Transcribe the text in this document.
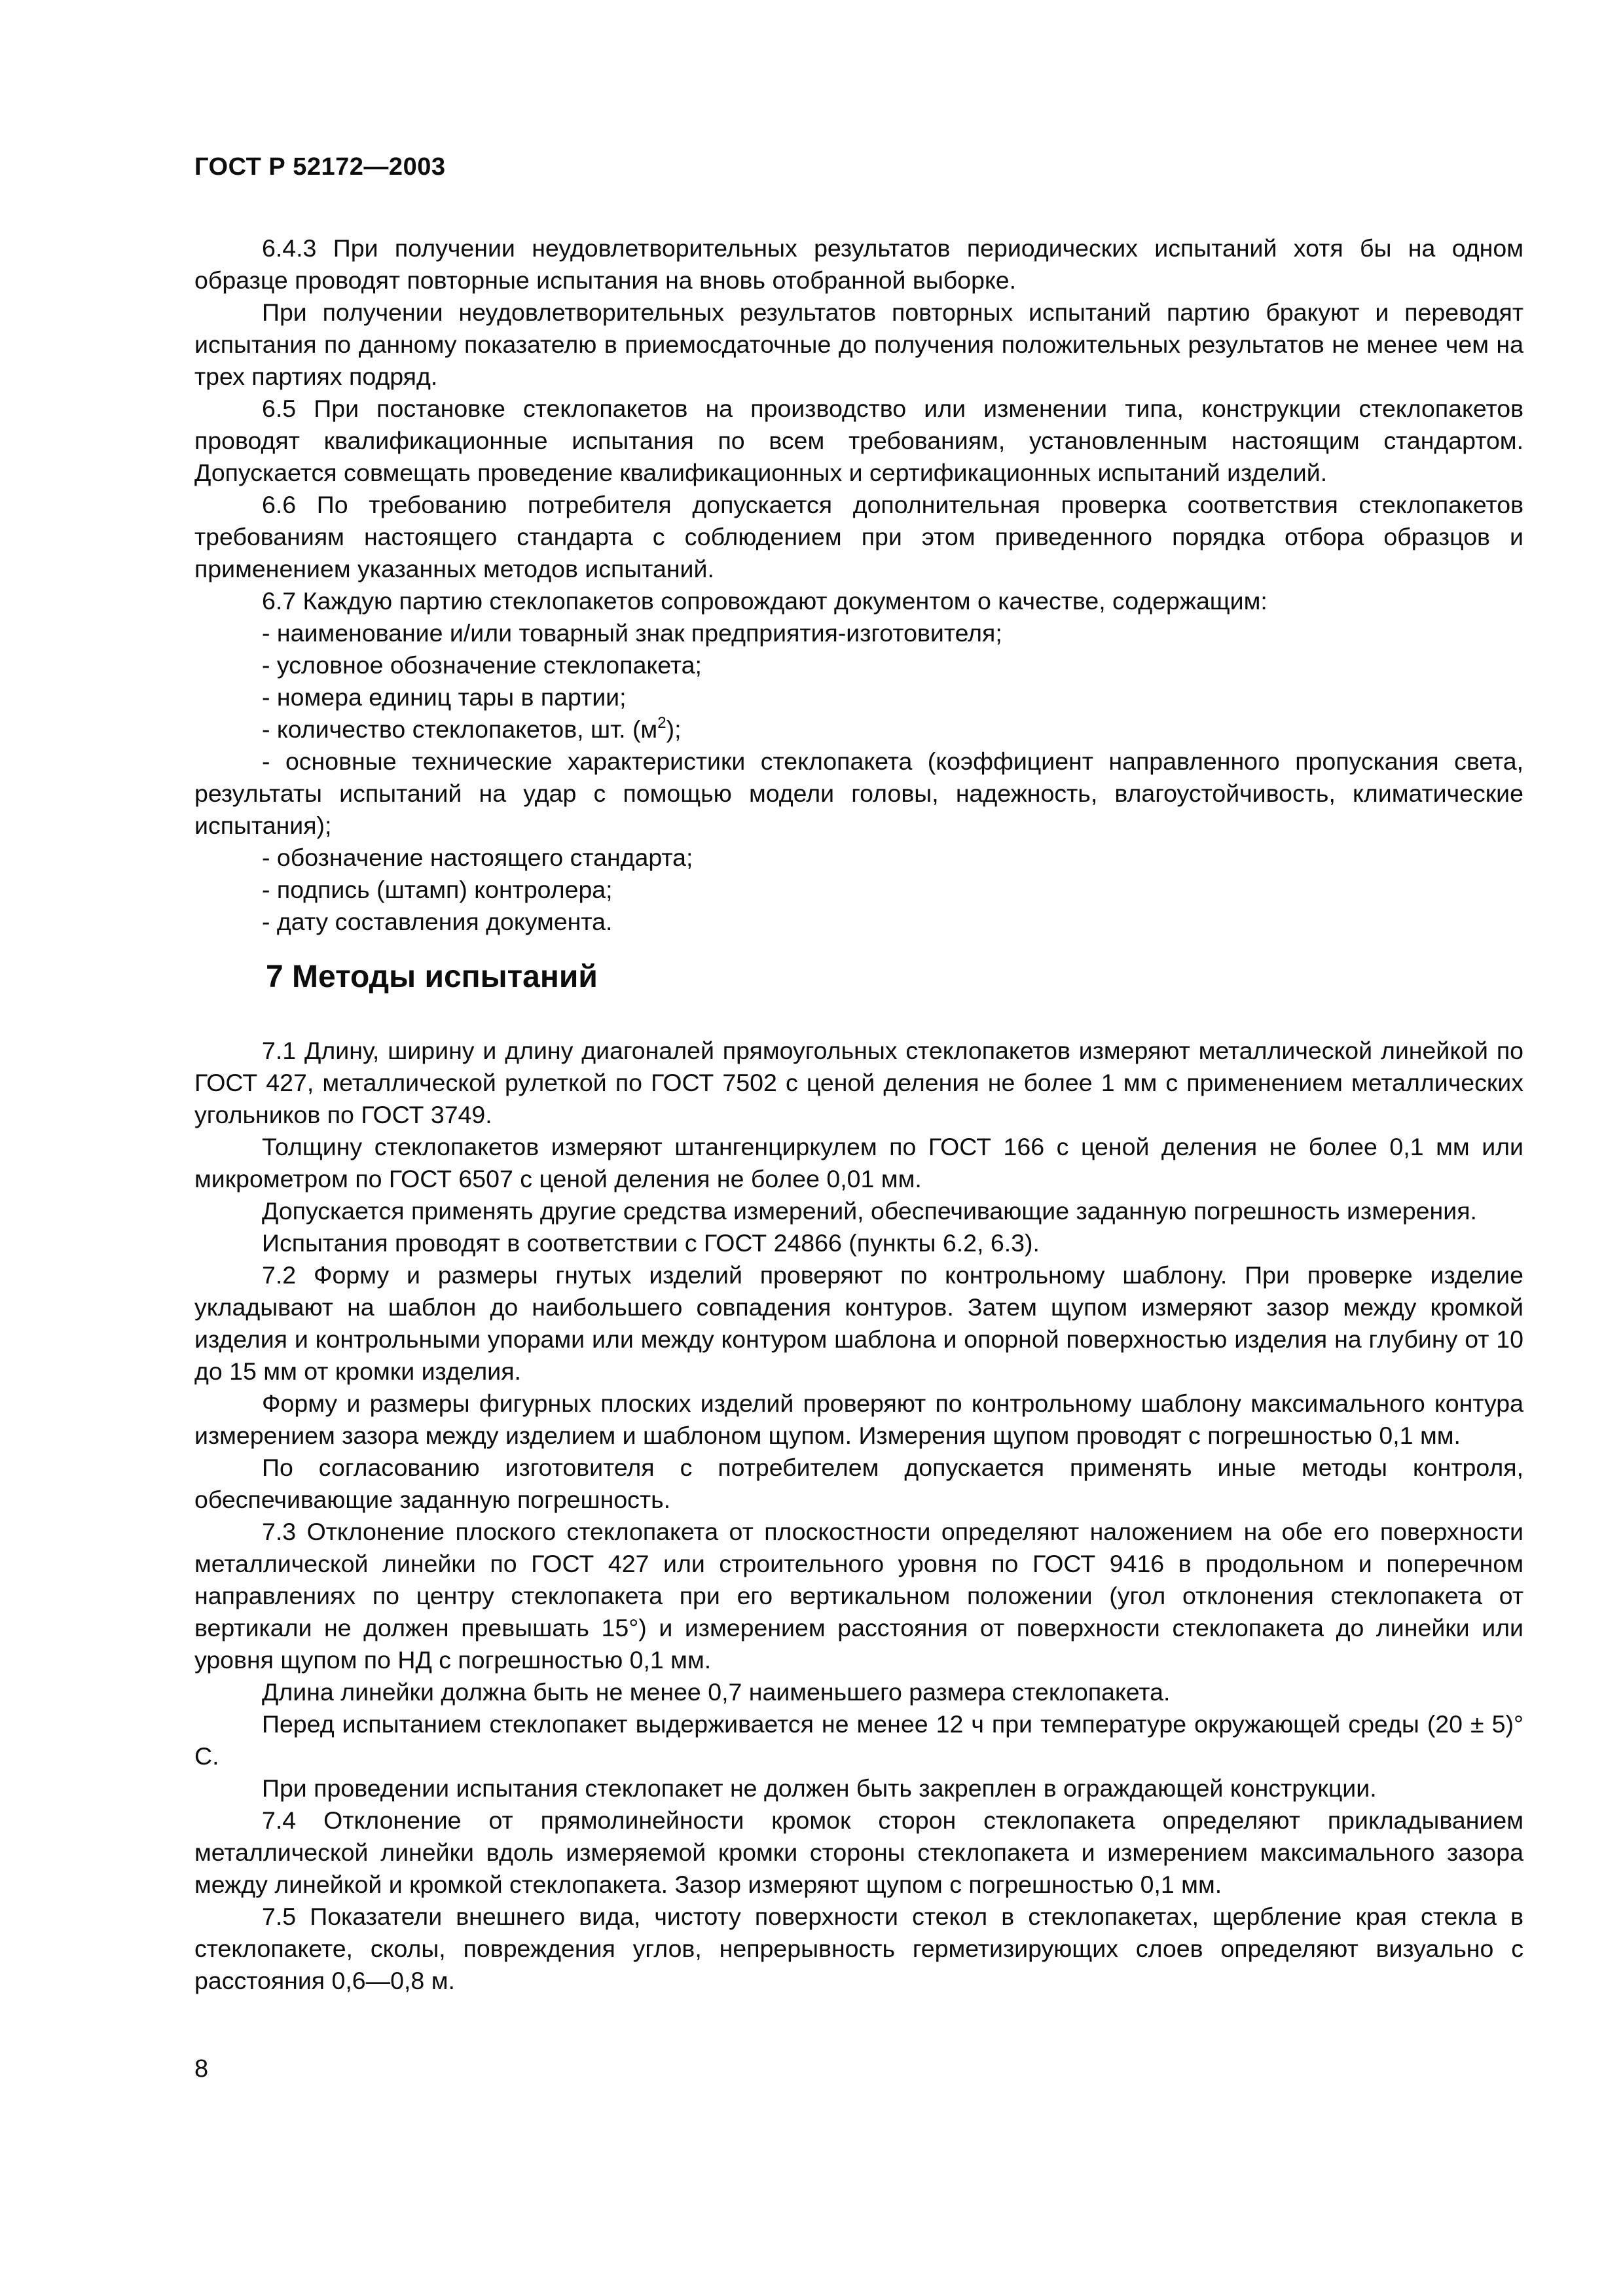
ГОСТ Р 52172—2003
6.4.3 При получении неудовлетворительных результатов периодических испытаний хотя бы на одном образце проводят повторные испытания на вновь отобранной выборке.
При получении неудовлетворительных результатов повторных испытаний партию бракуют и переводят испытания по данному показателю в приемосдаточные до получения положительных результатов не менее чем на трех партиях подряд.
6.5 При постановке стеклопакетов на производство или изменении типа, конструкции стеклопакетов проводят квалификационные испытания по всем требованиям, установленным настоящим стандартом. Допускается совмещать проведение квалификационных и сертификационных испытаний изделий.
6.6 По требованию потребителя допускается дополнительная проверка соответствия стеклопакетов требованиям настоящего стандарта с соблюдением при этом приведенного порядка отбора образцов и применением указанных методов испытаний.
6.7 Каждую партию стеклопакетов сопровождают документом о качестве, содержащим:
- наименование и/или товарный знак предприятия-изготовителя;
- условное обозначение стеклопакета;
- номера единиц тары в партии;
- количество стеклопакетов, шт. $(м^2)$;
- основные технические характеристики стеклопакета (коэффициент направленного пропускания света, результаты испытаний на удар с помощью модели головы, надежность, влагоустойчивость, климатические испытания);
- обозначение настоящего стандарта;
- подпись (штамп) контролера;
- дату составления документа.
7 Методы испытаний
7.1 Длину, ширину и длину диагоналей прямоугольных стеклопакетов измеряют металлической линейкой по ГОСТ 427, металлической рулеткой по ГОСТ 7502 с ценой деления не более 1 мм с применением металлических угольников по ГОСТ 3749.
Толщину стеклопакетов измеряют штангенциркулем по ГОСТ 166 с ценой деления не более 0,1 мм или микрометром по ГОСТ 6507 с ценой деления не более 0,01 мм.
Допускается применять другие средства измерений, обеспечивающие заданную погрешность измерения.
Испытания проводят в соответствии с ГОСТ 24866 (пункты 6.2, 6.3).
7.2 Форму и размеры гнутых изделий проверяют по контрольному шаблону. При проверке изделие укладывают на шаблон до наибольшего совпадения контуров. Затем щупом измеряют зазор между кромкой изделия и контрольными упорами или между контуром шаблона и опорной поверхностью изделия на глубину от 10 до 15 мм от кромки изделия.
Форму и размеры фигурных плоских изделий проверяют по контрольному шаблону максимального контура измерением зазора между изделием и шаблоном щупом. Измерения щупом проводят с погрешностью 0,1 мм.
По согласованию изготовителя с потребителем допускается применять иные методы контроля, обеспечивающие заданную погрешность.
7.3 Отклонение плоского стеклопакета от плоскостности определяют наложением на обе его поверхности металлической линейки по ГОСТ 427 или строительного уровня по ГОСТ 9416 в продольном и поперечном направлениях по центру стеклопакета при его вертикальном положении (угол отклонения стеклопакета от вертикали не должен превышать 15°) и измерением расстояния от поверхности стеклопакета до линейки или уровня щупом по НД с погрешностью 0,1 мм.
Длина линейки должна быть не менее 0,7 наименьшего размера стеклопакета.
Перед испытанием стеклопакет выдерживается не менее 12 ч при температуре окружающей среды (20 ± 5)° С.
При проведении испытания стеклопакет не должен быть закреплен в ограждающей конструкции.
7.4 Отклонение от прямолинейности кромок сторон стеклопакета определяют прикладыванием металлической линейки вдоль измеряемой кромки стороны стеклопакета и измерением максимального зазора между линейкой и кромкой стеклопакета. Зазор измеряют щупом с погрешностью 0,1 мм.
7.5 Показатели внешнего вида, чистоту поверхности стекол в стеклопакетах, щербление края стекла в стеклопакете, сколы, повреждения углов, непрерывность герметизирующих слоев определяют визуально с расстояния 0,6—0,8 м.
8
